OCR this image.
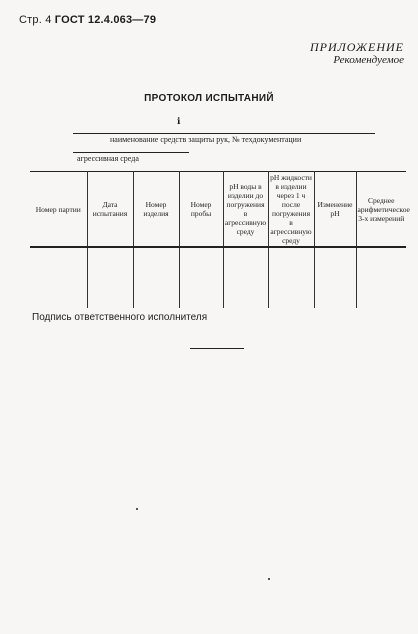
Стр. 4 ГОСТ 12.4.063—79
ПРИЛОЖЕНИЕ
Рекомендуемое
ПРОТОКОЛ ИСПЫТАНИЙ
ℹ
наименование средств защиты рук, № техдокументации
агрессивная среда
Номер партии	Дата испытания	Номер изделия	Номер пробы	pH воды в изделии до погружения в агрессивную среду	pH жидкости в изделии через 1 ч после погружения в агрессивную среду	Изменение pH	Среднее арифметическое 3-х измерений

Подпись ответственного исполнителя
